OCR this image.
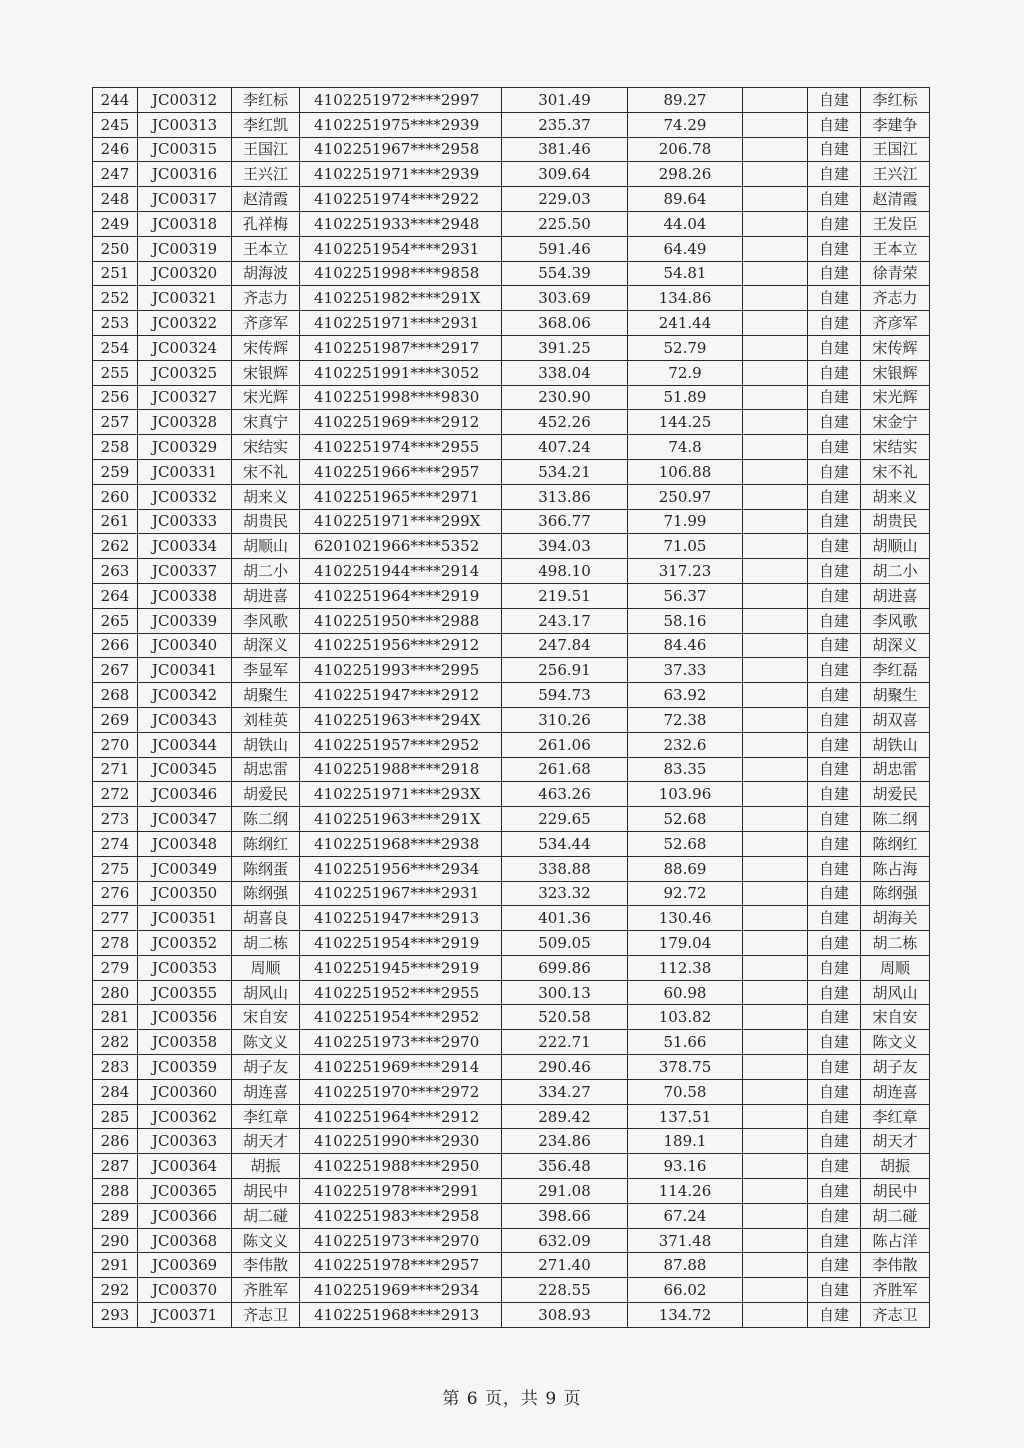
244	JC00312	李红标	4102251972****2997	301.49	89.27		自建	李红标
245	JC00313	李红凯	4102251975****2939	235.37	74.29		自建	李建争
246	JC00315	王国江	4102251967****2958	381.46	206.78		自建	王国江
247	JC00316	王兴江	4102251971****2939	309.64	298.26		自建	王兴江
248	JC00317	赵清霞	4102251974****2922	229.03	89.64		自建	赵清霞
249	JC00318	孔祥梅	4102251933****2948	225.50	44.04		自建	王发臣
250	JC00319	王本立	4102251954****2931	591.46	64.49		自建	王本立
251	JC00320	胡海波	4102251998****9858	554.39	54.81		自建	徐青荣
252	JC00321	齐志力	4102251982****291X	303.69	134.86		自建	齐志力
253	JC00322	齐彦军	4102251971****2931	368.06	241.44		自建	齐彦军
254	JC00324	宋传辉	4102251987****2917	391.25	52.79		自建	宋传辉
255	JC00325	宋银辉	4102251991****3052	338.04	72.9		自建	宋银辉
256	JC00327	宋光辉	4102251998****9830	230.90	51.89		自建	宋光辉
257	JC00328	宋真宁	4102251969****2912	452.26	144.25		自建	宋金宁
258	JC00329	宋结实	4102251974****2955	407.24	74.8		自建	宋结实
259	JC00331	宋不礼	4102251966****2957	534.21	106.88		自建	宋不礼
260	JC00332	胡来义	4102251965****2971	313.86	250.97		自建	胡来义
261	JC00333	胡贵民	4102251971****299X	366.77	71.99		自建	胡贵民
262	JC00334	胡顺山	6201021966****5352	394.03	71.05		自建	胡顺山
263	JC00337	胡二小	4102251944****2914	498.10	317.23		自建	胡二小
264	JC00338	胡进喜	4102251964****2919	219.51	56.37		自建	胡进喜
265	JC00339	李风歌	4102251950****2988	243.17	58.16		自建	李风歌
266	JC00340	胡深义	4102251956****2912	247.84	84.46		自建	胡深义
267	JC00341	李显军	4102251993****2995	256.91	37.33		自建	李红磊
268	JC00342	胡聚生	4102251947****2912	594.73	63.92		自建	胡聚生
269	JC00343	刘桂英	4102251963****294X	310.26	72.38		自建	胡双喜
270	JC00344	胡铁山	4102251957****2952	261.06	232.6		自建	胡铁山
271	JC00345	胡忠雷	4102251988****2918	261.68	83.35		自建	胡忠雷
272	JC00346	胡爱民	4102251971****293X	463.26	103.96		自建	胡爱民
273	JC00347	陈二纲	4102251963****291X	229.65	52.68		自建	陈二纲
274	JC00348	陈纲红	4102251968****2938	534.44	52.68		自建	陈纲红
275	JC00349	陈纲蛋	4102251956****2934	338.88	88.69		自建	陈占海
276	JC00350	陈纲强	4102251967****2931	323.32	92.72		自建	陈纲强
277	JC00351	胡喜良	4102251947****2913	401.36	130.46		自建	胡海关
278	JC00352	胡二栋	4102251954****2919	509.05	179.04		自建	胡二栋
279	JC00353	周顺	4102251945****2919	699.86	112.38		自建	周顺
280	JC00355	胡风山	4102251952****2955	300.13	60.98		自建	胡风山
281	JC00356	宋自安	4102251954****2952	520.58	103.82		自建	宋自安
282	JC00358	陈文义	4102251973****2970	222.71	51.66		自建	陈文义
283	JC00359	胡子友	4102251969****2914	290.46	378.75		自建	胡子友
284	JC00360	胡连喜	4102251970****2972	334.27	70.58		自建	胡连喜
285	JC00362	李红章	4102251964****2912	289.42	137.51		自建	李红章
286	JC00363	胡天才	4102251990****2930	234.86	189.1		自建	胡天才
287	JC00364	胡振	4102251988****2950	356.48	93.16		自建	胡振
288	JC00365	胡民中	4102251978****2991	291.08	114.26		自建	胡民中
289	JC00366	胡二碰	4102251983****2958	398.66	67.24		自建	胡二碰
290	JC00368	陈文义	4102251973****2970	632.09	371.48		自建	陈占洋
291	JC00369	李伟散	4102251978****2957	271.40	87.88		自建	李伟散
292	JC00370	齐胜军	4102251969****2934	228.55	66.02		自建	齐胜军
293	JC00371	齐志卫	4102251968****2913	308.93	134.72		自建	齐志卫
第 6 页，共 9 页
